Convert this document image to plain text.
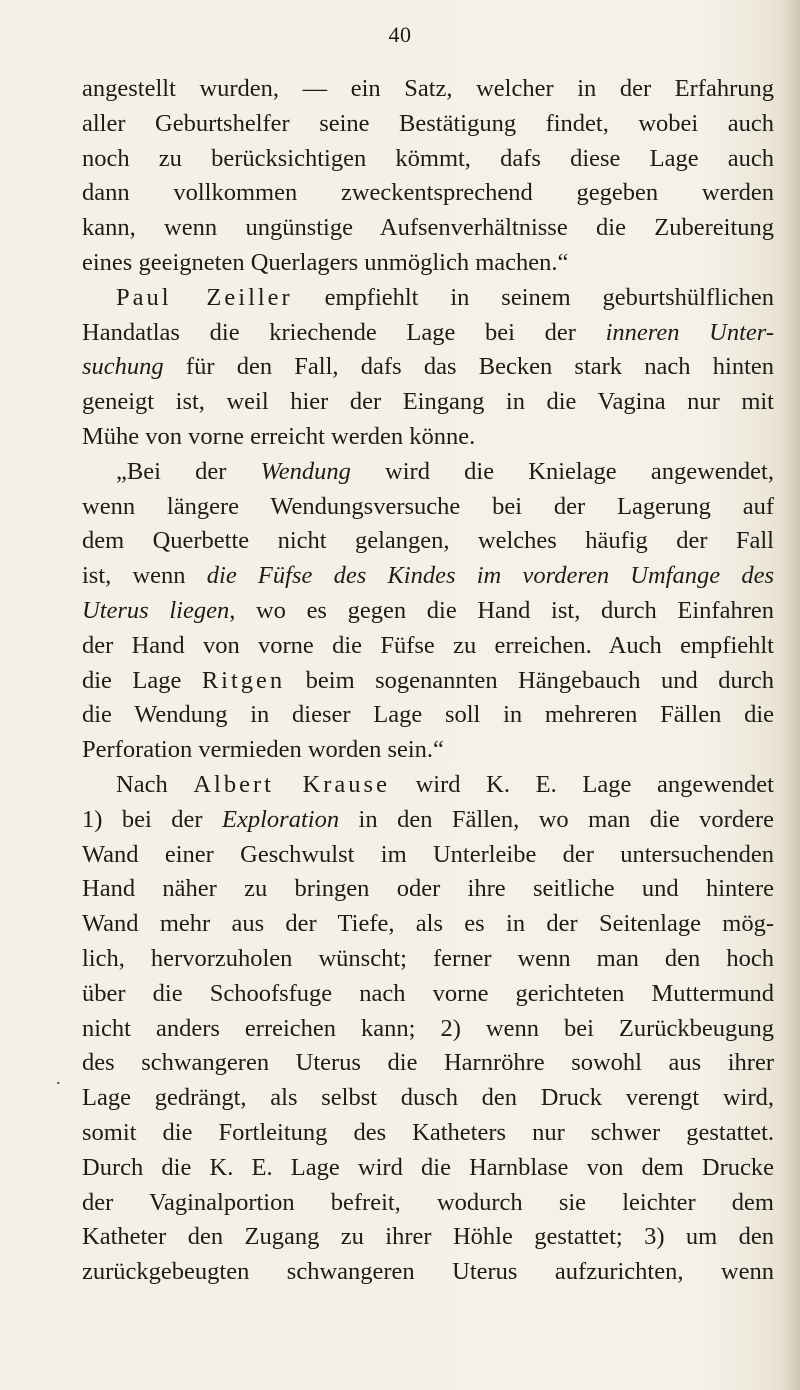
40
.
angestellt wurden, — ein Satz, welcher in der Erfahrung
aller Geburtshelfer seine Bestätigung findet, wobei auch
noch zu berücksichtigen kömmt, dafs diese Lage auch
dann vollkommen zweckentsprechend gegeben werden
kann, wenn ungünstige Aufsenverhältnisse die Zubereitung
eines geeigneten Querlagers unmöglich machen.“
Paul Zeiller empfiehlt in seinem geburtshülflichen
Handatlas die kriechende Lage bei der inneren Unter-
suchung für den Fall, dafs das Becken stark nach hinten
geneigt ist, weil hier der Eingang in die Vagina nur mit
Mühe von vorne erreicht werden könne.
„Bei der Wendung wird die Knielage angewendet,
wenn längere Wendungsversuche bei der Lagerung auf
dem Querbette nicht gelangen, welches häufig der Fall
ist, wenn die Füfse des Kindes im vorderen Umfange des
Uterus liegen, wo es gegen die Hand ist, durch Einfahren
der Hand von vorne die Füfse zu erreichen. Auch empfiehlt
die Lage Ritgen beim sogenannten Hängebauch und durch
die Wendung in dieser Lage soll in mehreren Fällen die
Perforation vermieden worden sein.“
Nach Albert Krause wird K. E. Lage angewendet
1) bei der Exploration in den Fällen, wo man die vordere
Wand einer Geschwulst im Unterleibe der untersuchenden
Hand näher zu bringen oder ihre seitliche und hintere
Wand mehr aus der Tiefe, als es in der Seitenlage mög-
lich, hervorzuholen wünscht; ferner wenn man den hoch
über die Schoofsfuge nach vorne gerichteten Muttermund
nicht anders erreichen kann; 2) wenn bei Zurückbeugung
des schwangeren Uterus die Harnröhre sowohl aus ihrer
Lage gedrängt, als selbst dusch den Druck verengt wird,
somit die Fortleitung des Katheters nur schwer gestattet.
Durch die K. E. Lage wird die Harnblase von dem Drucke
der Vaginalportion befreit, wodurch sie leichter dem
Katheter den Zugang zu ihrer Höhle gestattet; 3) um den
zurückgebeugten schwangeren Uterus aufzurichten, wenn
